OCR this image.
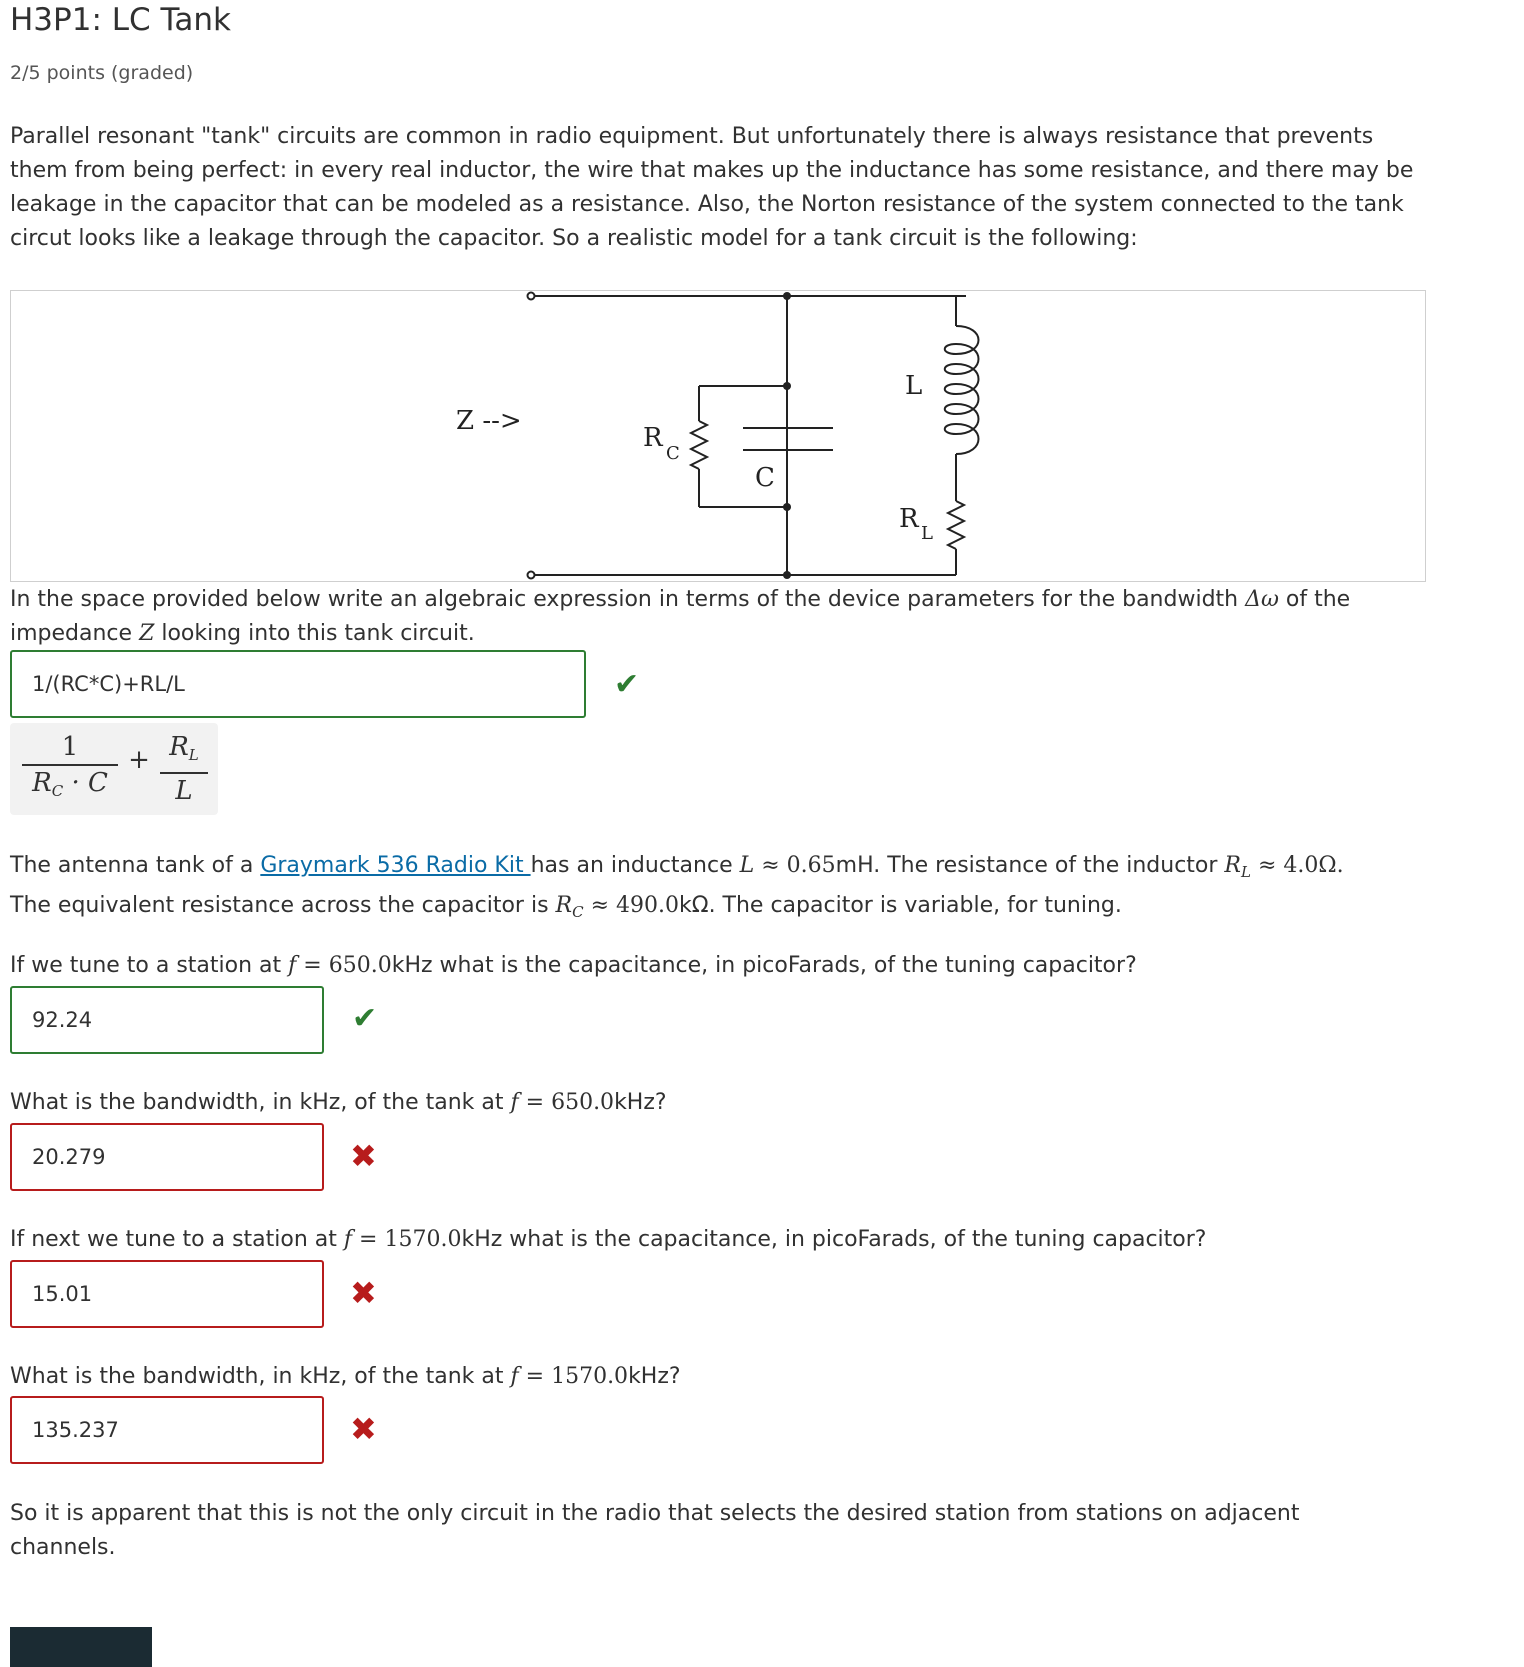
H3P1: LC Tank
2/5 points (graded)

Parallel resonant "tank" circuits are common in radio equipment. But unfortunately there is always resistance that prevents them from being perfect: in every real inductor, the wire that makes up the inductance has some resistance, and there may be leakage in the capacitor that can be modeled as a resistance. Also, the Norton resistance of the system connected to the tank circut looks like a leakage through the capacitor. So a realistic model for a tank circuit is the following:

Z -->
R
C
C
L
R L

In the space provided below write an algebraic expression in terms of the device parameters for the bandwidth Δω of the impedance Z looking into this tank circuit.

1/(RC*C)+RL/L
✔
1
$R_C \cdot C$
+ $R_L$
L

The antenna tank of a Graymark 536 Radio Kit has an inductance L ≈ 0.65mH. The resistance of the inductor $R_L \approx 4.0\Omega$.
The equivalent resistance across the capacitor is $R_C \approx 490.0k\Omega$. The capacitor is variable, for tuning.

If we tune to a station at f = 650.0kHz what is the capacitance, in picoFarads, of the tuning capacitor?

92.24
✔

What is the bandwidth, in kHz, of the tank at f = 650.0kHz?

20.279
✖

If next we tune to a station at f = 1570.0kHz what is the capacitance, in picoFarads, of the tuning capacitor?

15.01
✖

What is the bandwidth, in kHz, of the tank at f = 1570.0kHz?

135.237
✖

So it is apparent that this is not the only circuit in the radio that selects the desired station from stations on adjacent channels.
